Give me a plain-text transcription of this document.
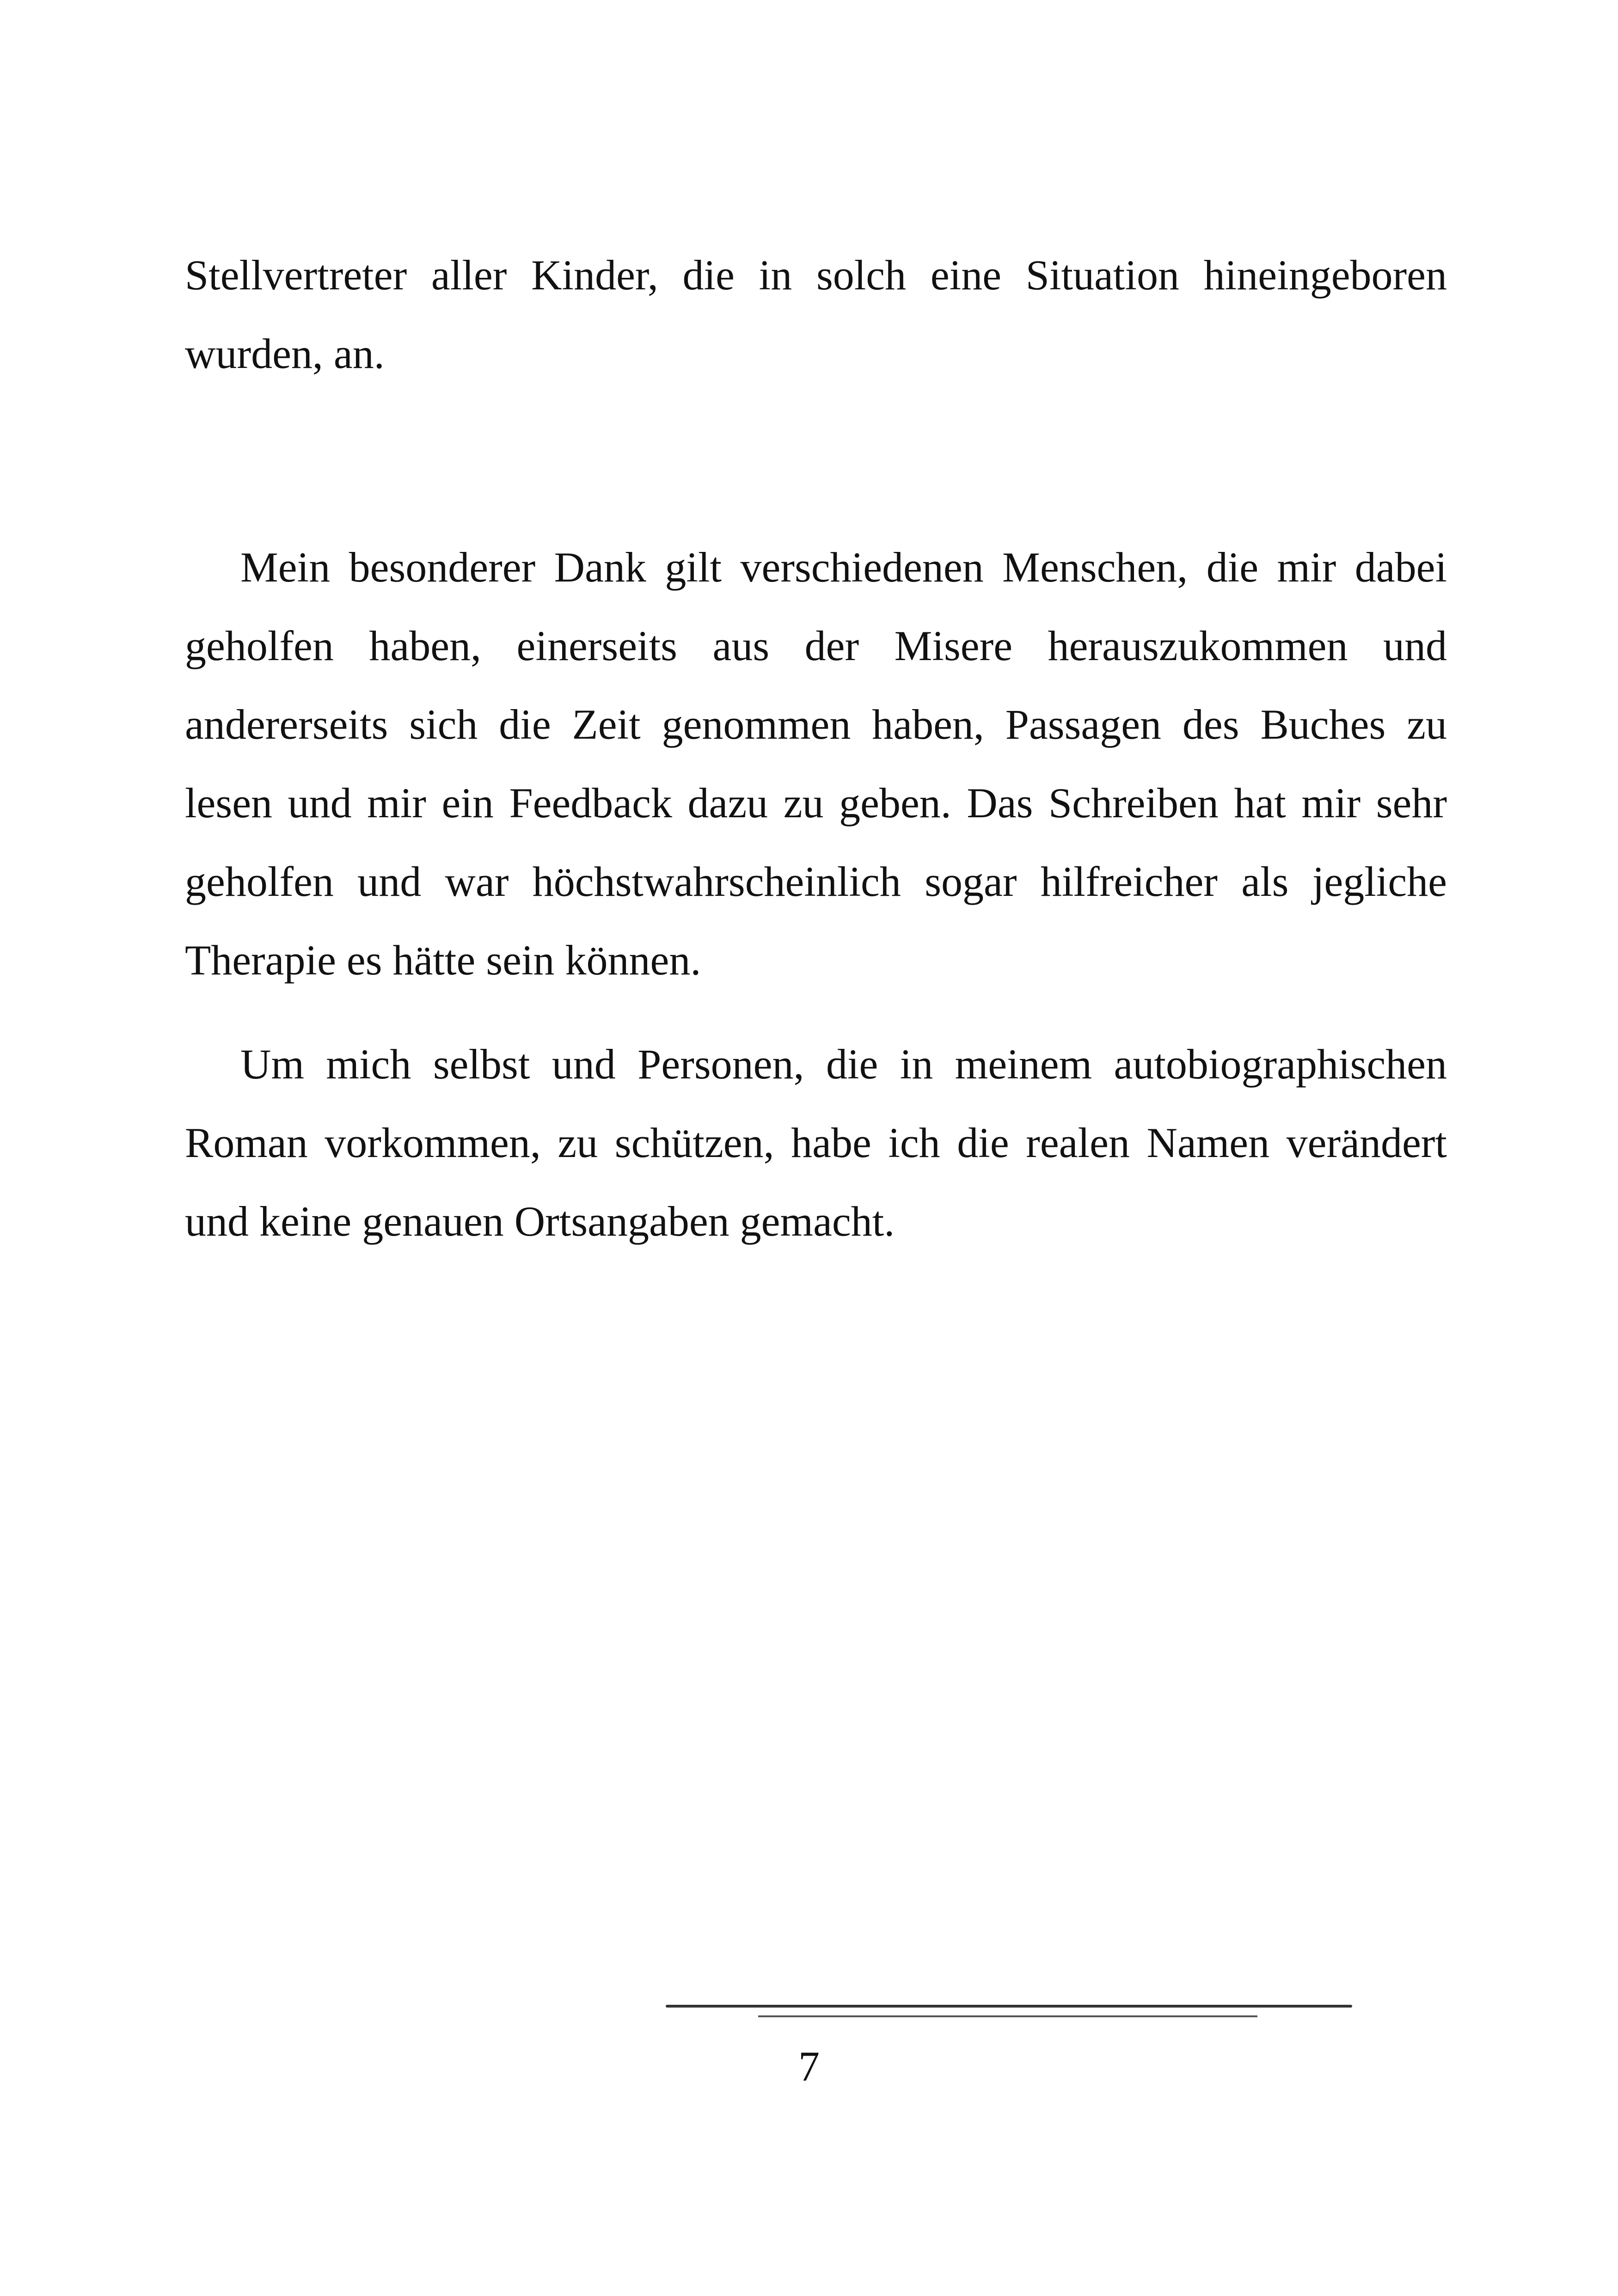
Stellvertreter aller Kinder, die in solch eine Situation hineingeboren wurden, an.

Mein besonderer Dank gilt verschiedenen Menschen, die mir dabei geholfen haben, einerseits aus der Misere herauszukommen und andererseits sich die Zeit genommen haben, Passagen des Buches zu lesen und mir ein Feedback dazu zu geben. Das Schreiben hat mir sehr geholfen und war höchstwahrscheinlich sogar hilfreicher als jegliche Therapie es hätte sein können.

Um mich selbst und Personen, die in meinem autobiographischen Roman vorkommen, zu schützen, habe ich die realen Namen verändert und keine genauen Ortsangaben gemacht.

7
